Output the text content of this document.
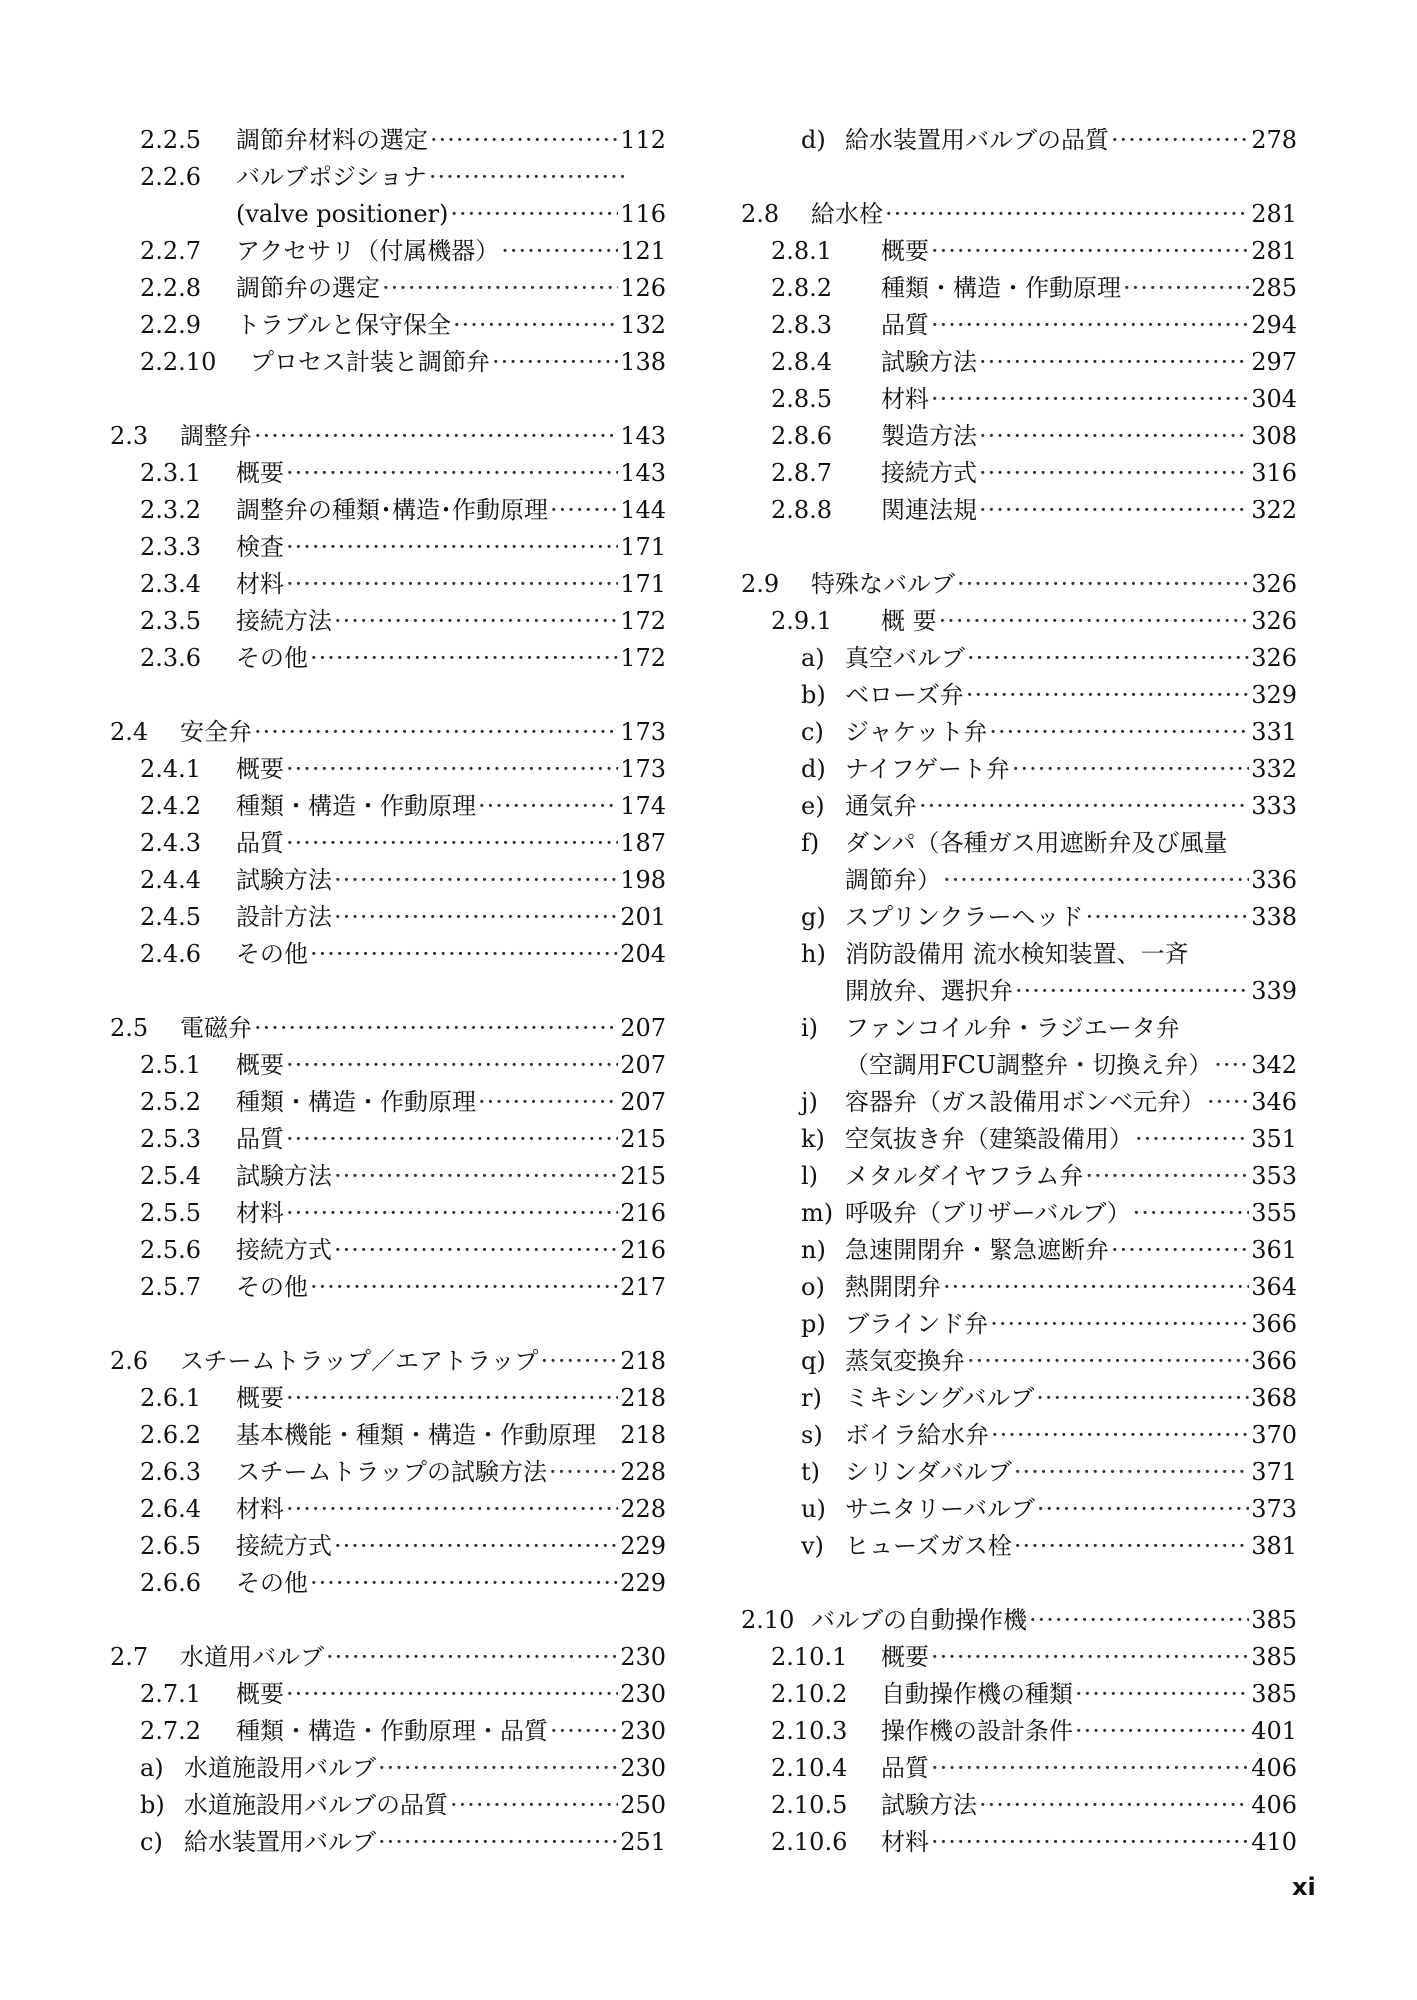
2.2.5	調節弁材料の選定 ·····	112
2.2.6	バルブポジショナ
·····
(valve positioner) ·····	116
2.2.7	アクセサリ（付属機器） ·····	121
2.2.8	調節弁の選定 ·····	126
2.2.9	トラブルと保守保全 ·····	132
2.2.10	プロセス計装と調節弁 ·····	138
2.3	調整弁 ·····	143
2.3.1	概要 ·····	143
2.3.2	調整弁の種類･構造･作動原理 ·····	144
2.3.3	検査 ·····	171
2.3.4	材料 ·····	171
2.3.5	接続方法 ·····	172
2.3.6	その他 ·····	172
2.4	安全弁 ·····	173
2.4.1	概要 ·····	173
2.4.2	種類・構造・作動原理 ·····	174
2.4.3	品質 ·····	187
2.4.4	試験方法 ·····	198
2.4.5	設計方法 ·····	201
2.4.6	その他 ·····	204
2.5	電磁弁 ·····	207
2.5.1	概要 ·····	207
2.5.2	種類・構造・作動原理 ·····	207
2.5.3	品質 ·····	215
2.5.4	試験方法 ·····	215
2.5.5	材料 ·····	216
2.5.6	接続方式 ·····	216
2.5.7	その他 ·····	217
2.6	スチームトラップ／エアトラップ ·····	218
2.6.1	概要 ·····	218
2.6.2	基本機能・種類・構造・作動原理 218
2.6.3	スチームトラップの試験方法 ·····	228
2.6.4	材料 ·····	228
2.6.5	接続方式 ·····	229
2.6.6	その他 ·····	229
2.7	水道用バルブ ·····	230
2.7.1	概要 ·····	230
2.7.2	種類・構造・作動原理・品質 ·····	230
a) 水道施設用バルブ ·····	230
b) 水道施設用バルブの品質 ·····	250
c) 給水装置用バルブ ·····	251
d) 給水装置用バルブの品質 ·····	278
2.8	給水栓 ·····	281
2.8.1	概要 ·····	281
2.8.2	種類・構造・作動原理 ·····	285
2.8.3	品質 ·····	294
2.8.4	試験方法 ·····	297
2.8.5	材料 ·····	304
2.8.6	製造方法 ·····	308
2.8.7	接続方式 ·····	316
2.8.8	関連法規 ·····	322
2.9	特殊なバルブ ·····	326
2.9.1	概 要 ·····	326
a) 真空バルブ ·····	326
b) ベローズ弁 ·····	329
c) ジャケット弁 ·····	331
d) ナイフゲート弁 ·····	332
e) 通気弁 ·····	333
f)	ダンパ（各種ガス用遮断弁及び風量
調節弁） ·····	336
g) スプリンクラーヘッド ·····	338
h) 消防設備用 流水検知装置、一斉
開放弁、選択弁 ·····	339
i)	ファンコイル弁・ラジエータ弁
（空調用FCU調整弁・切換え弁） ····· 342
j)	容器弁（ガス設備用ボンベ元弁） ····· 346
k) 空気抜き弁（建築設備用） ·····	351
l)	メタルダイヤフラム弁 ·····	353
m) 呼吸弁（ブリザーバルブ） ·····	355
n) 急速開閉弁・緊急遮断弁 ·····	361
o) 熱開閉弁 ·····	364
p) ブラインド弁 ·····	366
q) 蒸気変換弁 ·····	366
r) ミキシングバルブ ·····	368
s) ボイラ給水弁 ·····	370
t)	シリンダバルブ ·····	371
u) サニタリーバルブ ·····	373
v) ヒューズガス栓 ·····	381
2.10 バルブの自動操作機 ·····	385
2.10.1	概要 ·····	385
2.10.2	自動操作機の種類 ·····	385
2.10.3	操作機の設計条件 ·····	401
2.10.4	品質 ·····	406
2.10.5	試験方法 ·····	406
2.10.6	材料 ·····	410
xi
